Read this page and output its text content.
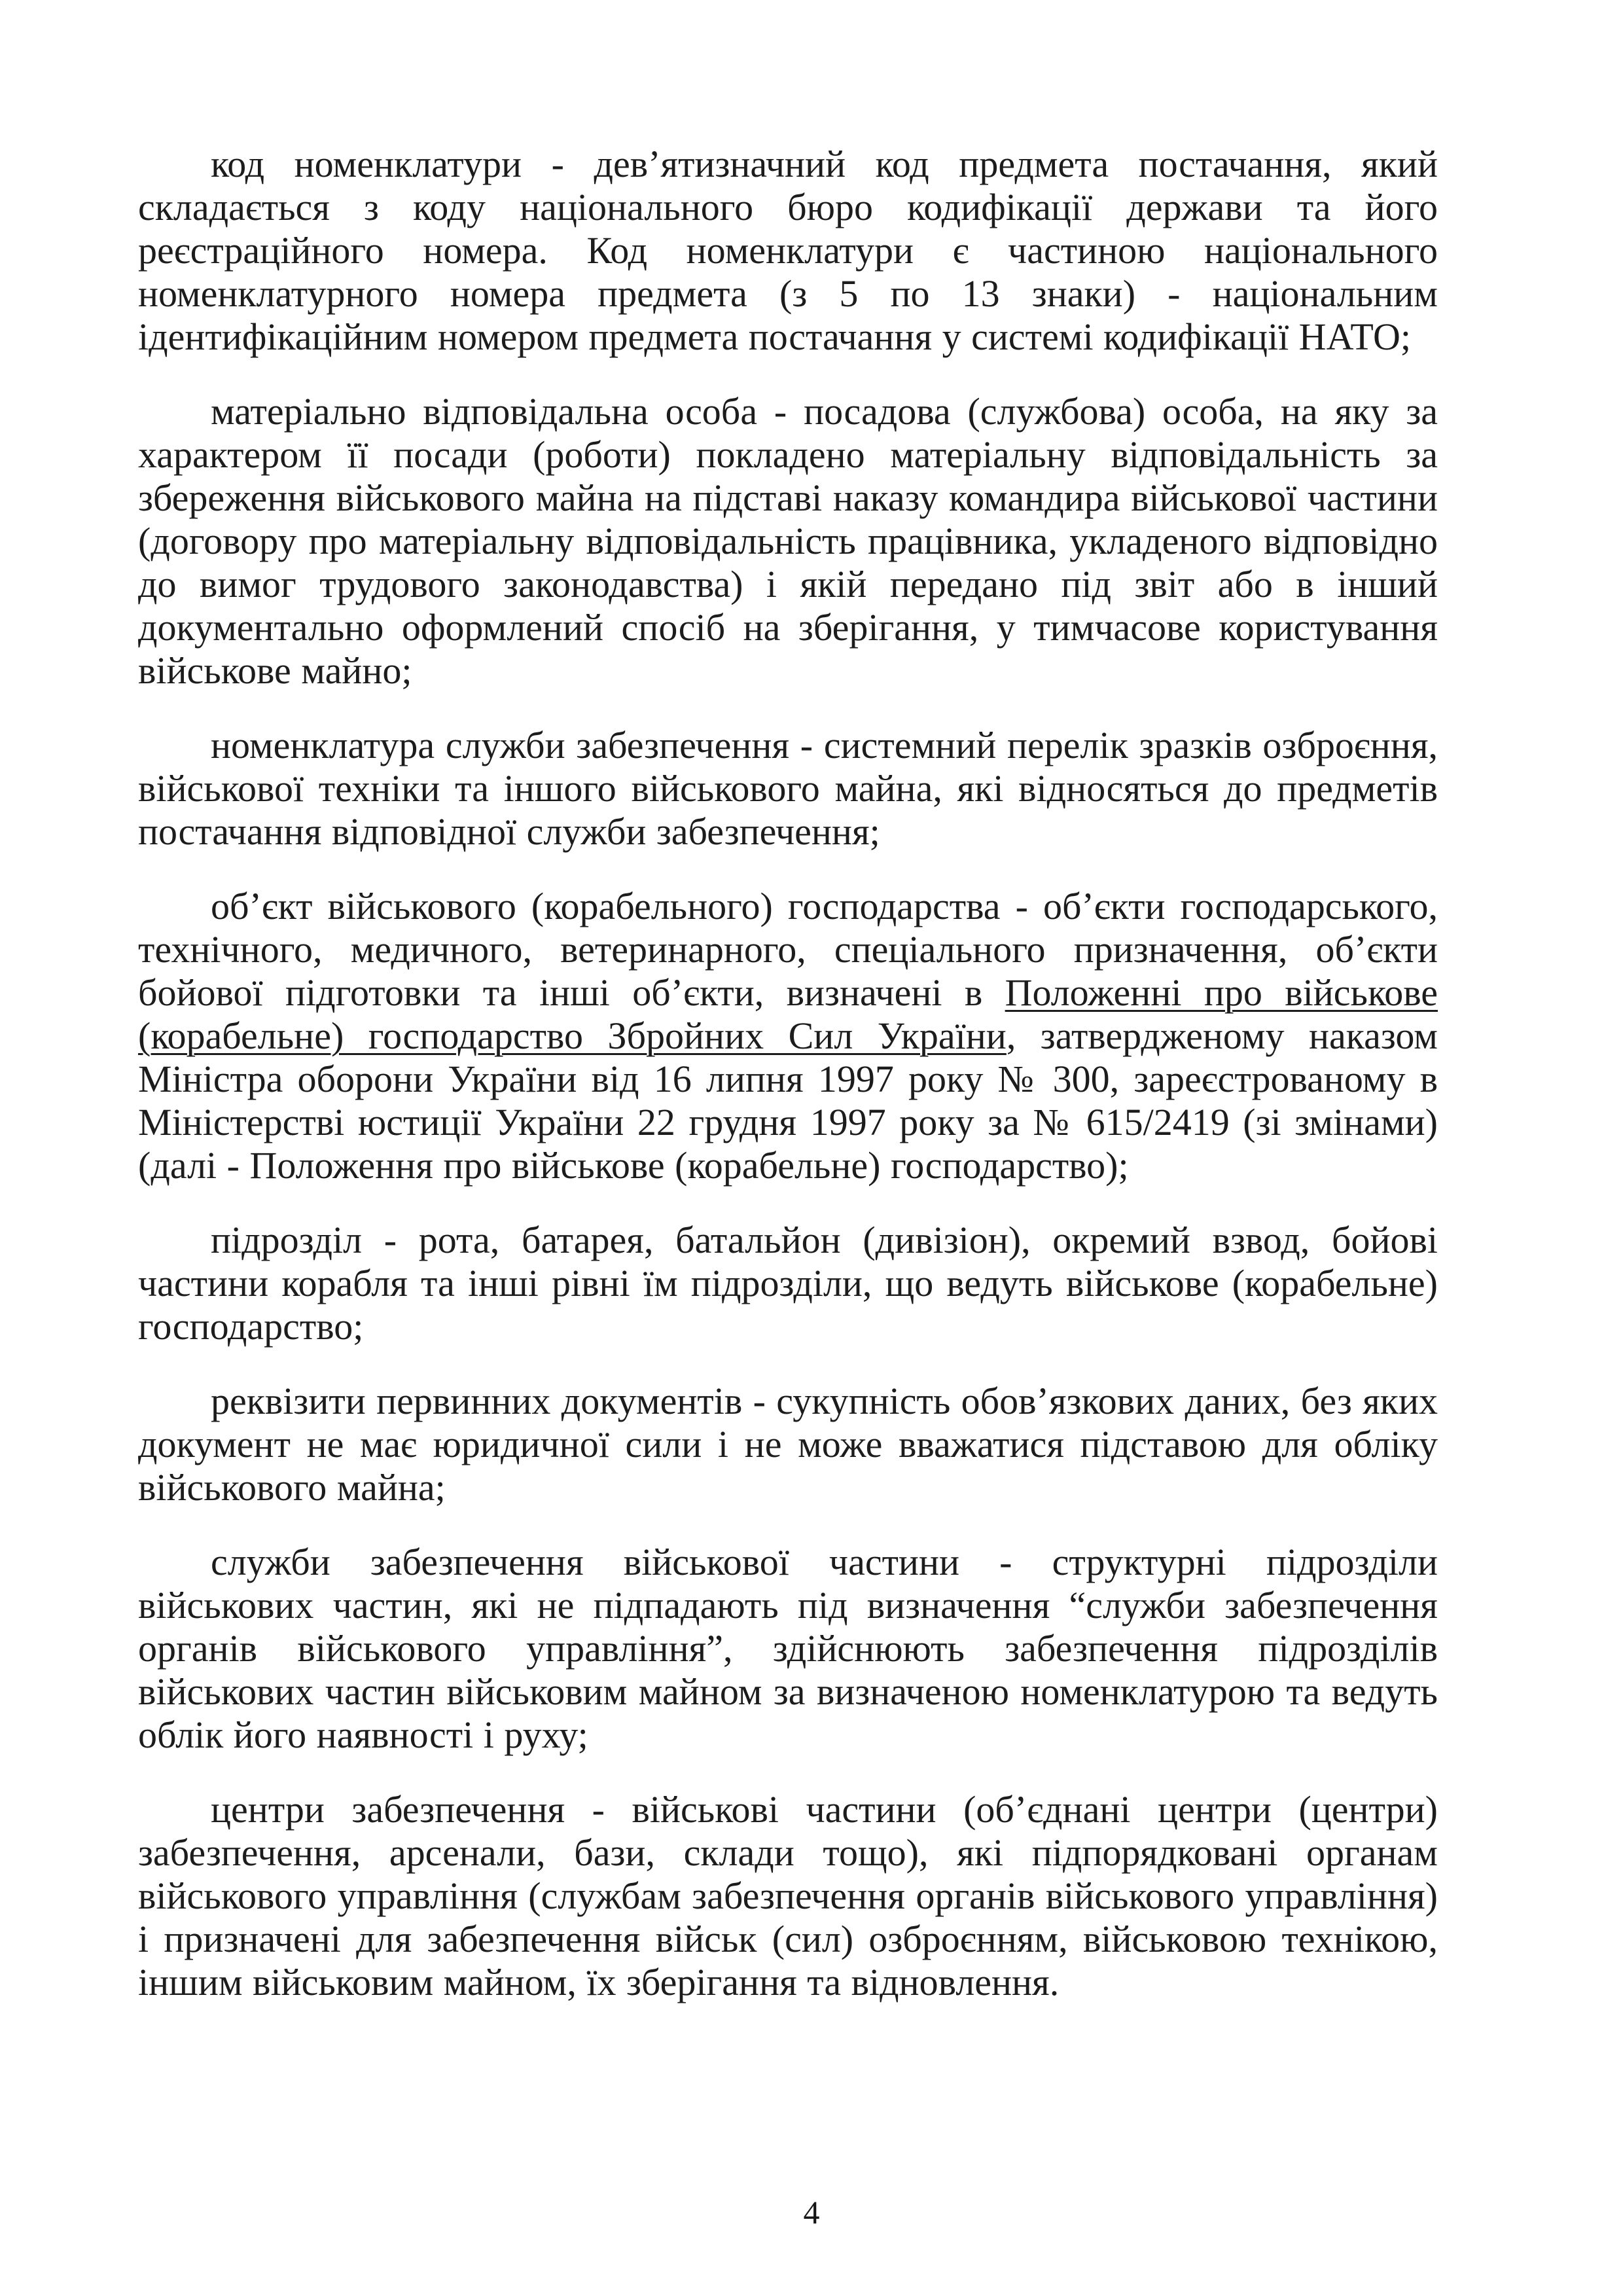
код номенклатури - дев’ятизначний код предмета постачання, який складається з коду національного бюро кодифікації держави та його реєстраційного номера. Код номенклатури є частиною національного номенклатурного номера предмета (з 5 по 13 знаки) - національним ідентифікаційним номером предмета постачання у системі кодифікації НАТО;

матеріально відповідальна особа - посадова (службова) особа, на яку за характером її посади (роботи) покладено матеріальну відповідальність за збереження військового майна на підставі наказу командира військової частини (договору про матеріальну відповідальність працівника, укладеного відповідно до вимог трудового законодавства) і якій передано під звіт або в інший документально оформлений спосіб на зберігання, у тимчасове користування військове майно;

номенклатура служби забезпечення - системний перелік зразків озброєння, військової техніки та іншого військового майна, які відносяться до предметів постачання відповідної служби забезпечення;

об’єкт військового (корабельного) господарства - об’єкти господарського, технічного, медичного, ветеринарного, спеціального призначення, об’єкти бойової підготовки та інші об’єкти, визначені в Положенні про військове (корабельне) господарство Збройних Сил України, затвердженому наказом Міністра оборони України від 16 липня 1997 року № 300, зареєстрованому в Міністерстві юстиції України 22 грудня 1997 року за № 615/2419 (зі змінами) (далі - Положення про військове (корабельне) господарство);

підрозділ - рота, батарея, батальйон (дивізіон), окремий взвод, бойові частини корабля та інші рівні їм підрозділи, що ведуть військове (корабельне) господарство;

реквізити первинних документів - сукупність обов’язкових даних, без яких документ не має юридичної сили і не може вважатися підставою для обліку військового майна;

служби забезпечення військової частини - структурні підрозділи військових частин, які не підпадають під визначення “служби забезпечення органів військового управління”, здійснюють забезпечення підрозділів військових частин військовим майном за визначеною номенклатурою та ведуть облік його наявності і руху;

центри забезпечення - військові частини (об’єднані центри (центри) забезпечення, арсенали, бази, склади тощо), які підпорядковані органам військового управління (службам забезпечення органів військового управління) і призначені для забезпечення військ (сил) озброєнням, військовою технікою, іншим військовим майном, їх зберігання та відновлення.

4
